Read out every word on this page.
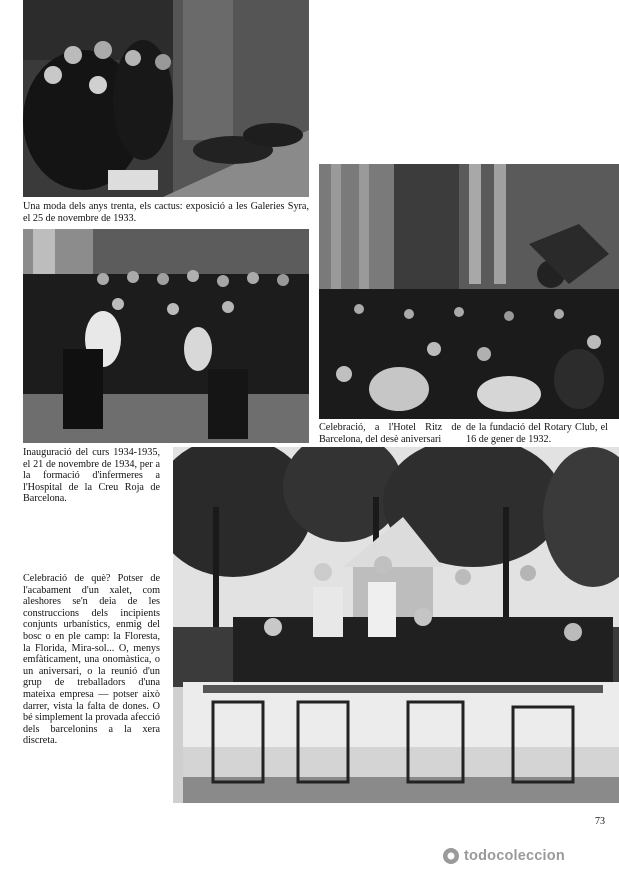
Una moda dels anys trenta, els cactus: exposició a les Galeries Syra, el 25 de novembre de 1933.

Inauguració del curs 1934-1935, el 21 de novembre de 1934, per a la formació d'infermeres a l'Hospital de la Creu Roja de Barcelona.

Celebració, a l'Hotel Ritz de Barcelona, del desè aniversari

de la fundació del Rotary Club, el 16 de gener de 1932.

Celebració de què? Potser de l'acabament d'un xalet, com aleshores se'n deia de les construccions dels incipients conjunts urbanístics, enmig del bosc o en ple camp: la Floresta, la Florida, Mira-sol... O, menys emfàticament, una onomàstica, o un aniversari, o la reunió d'un grup de treballadors d'una mateixa empresa — potser això darrer, vista la falta de dones. O bé simplement la provada afecció dels barcelonins a la xera discreta.

73
todocoleccion
